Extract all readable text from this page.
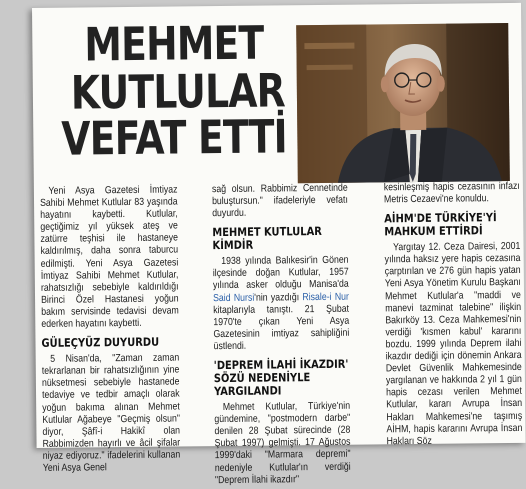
MEHMET
KUTLULAR
VEFAT ETTİ

Yeni Asya Gazetesi İmtiyaz Sahibi Mehmet Kutlular 83 yaşında hayatını kaybetti. Kutlular, geçtiğimiz yıl yüksek ateş ve zatürre teşhisi ile hastaneye kaldırılmış, daha sonra taburcu edilmişti. Yeni Asya Gazetesi İmtiyaz Sahibi Mehmet Kutlular, rahatsızlığı sebebiyle kaldırıldığı Birinci Özel Hastanesi yoğun bakım servisinde tedavisi devam ederken hayatını kaybetti.

GÜLEÇYÜZ DUYURDU

5 Nisan'da, "Zaman zaman tekrarlanan bir rahatsızlığının yine nüksetmesi sebebiyle hastanede tedaviye ve tedbir amaçlı olarak yoğun bakıma alınan Mehmet Kutlular Ağabeye "Geçmiş olsun" diyor, Şâfî-i Hakikî olan Rabbimizden hayırlı ve âcil şifalar niyaz ediyoruz." ifadelerini kullanan Yeni Asya Genel

sağ olsun. Rabbimiz Cennetinde buluştursun." ifadeleriyle vefatı duyurdu.

MEHMET KUTLULAR KİMDİR

1938 yılında Balıkesir'in Gönen ilçesinde doğan Kutlular, 1957 yılında asker olduğu Manisa'da Said Nursi'nin yazdığı Risale-i Nur kitaplarıyla tanıştı. 21 Şubat 1970'te çıkan Yeni Asya Gazetesinin imtiyaz sahipliğini üstlendi.

'DEPREM İLAHİ İKAZDIR' SÖZÜ NEDENİYLE YARGILANDI

Mehmet Kutlular, Türkiye'nin gündemine, "postmodern darbe" denilen 28 Şubat sürecinde (28 Şubat 1997) gelmişti. 17 Ağustos 1999'daki "Marmara depremi" nedeniyle Kutlular'ın verdiği "Deprem İlahi ikazdır"

kesinleşmiş hapis cezasının infazı Metris Cezaevi'ne konuldu.

AİHM'DE TÜRKİYE'Yİ MAHKUM ETTİRDİ

Yargıtay 12. Ceza Dairesi, 2001 yılında haksız yere hapis cezasına çarptırılan ve 276 gün hapis yatan Yeni Asya Yönetim Kurulu Başkanı Mehmet Kutlular'a "maddi ve manevi tazminat talebine" ilişkin Bakırköy 13. Ceza Mahkemesi'nin verdiği 'kısmen kabul' kararını bozdu. 1999 yılında Deprem ilahi ikazdır dediği için dönemin Ankara Devlet Güvenlik Mahkemesinde yargılanan ve hakkında 2 yıl 1 gün hapis cezası verilen Mehmet Kutlular, kararı Avrupa İnsan Hakları Mahkemesi'ne taşımış AİHM, hapis kararını Avrupa İnsan Hakları Söz
